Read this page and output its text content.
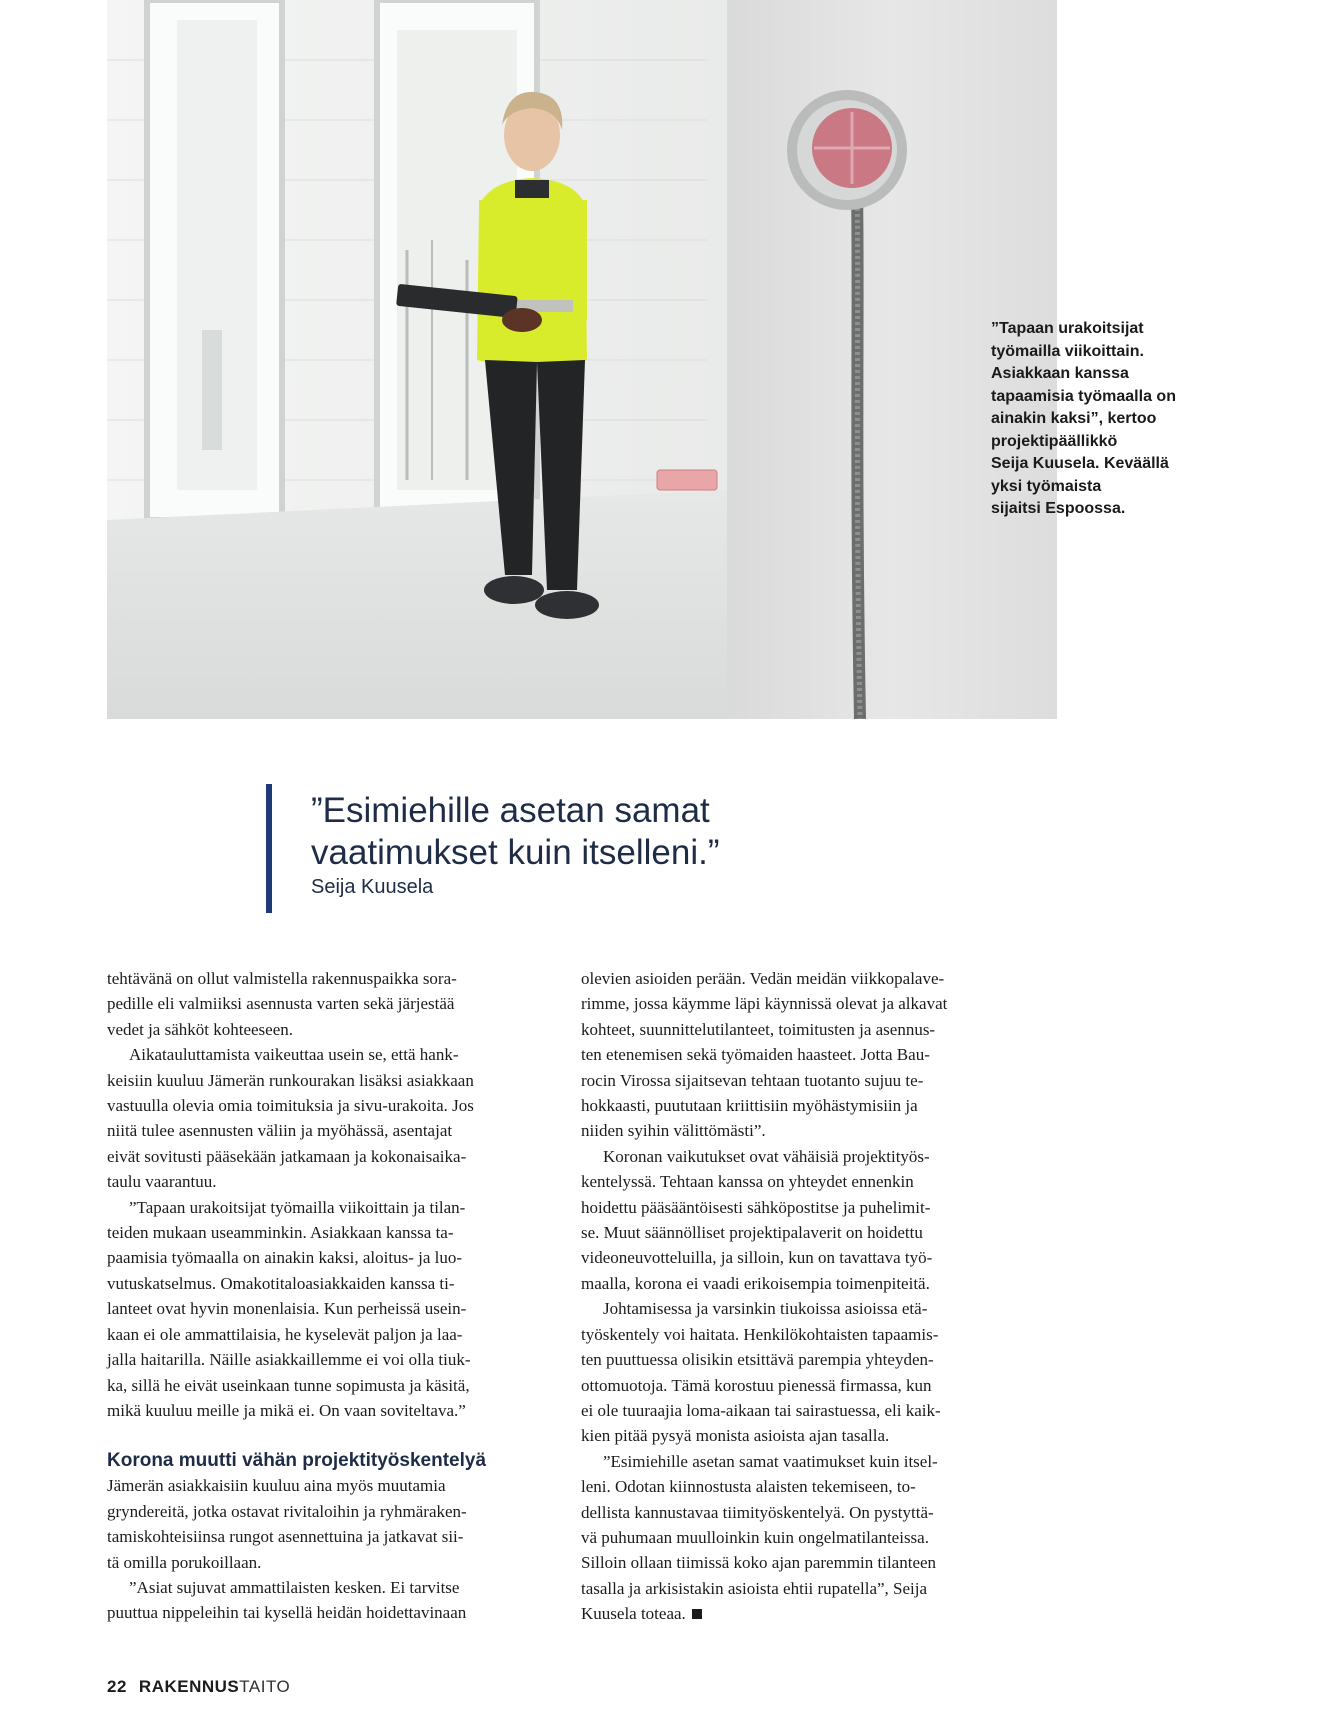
”Tapaan urakoitsijat
työmailla viikoittain.
Asiakkaan kanssa
tapaamisia työmaalla on
ainakin kaksi”, kertoo
projektipäällikkö
Seija Kuusela. Keväällä
yksi työmaista
sijaitsi Espoossa.
”Esimiehille asetan samat
vaatimukset kuin itselleni.”
Seija Kuusela

tehtävänä on ollut valmistella rakennuspaikka sora-
pedille eli valmiiksi asennusta varten sekä järjestää
vedet ja sähköt kohteeseen.

Aikatauluttamista vaikeuttaa usein se, että hank-
keisiin kuuluu Jämerän runkourakan lisäksi asiakkaan
vastuulla olevia omia toimituksia ja sivu-urakoita. Jos
niitä tulee asennusten väliin ja myöhässä, asentajat
eivät sovitusti pääsekään jatkamaan ja kokonaisaika-
taulu vaarantuu.

”Tapaan urakoitsijat työmailla viikoittain ja tilan-
teiden mukaan useamminkin. Asiakkaan kanssa ta-
paamisia työmaalla on ainakin kaksi, aloitus- ja luo-
vutuskatselmus. Omakotitaloasiakkaiden kanssa ti-
lanteet ovat hyvin monenlaisia. Kun perheissä usein-
kaan ei ole ammattilaisia, he kyselevät paljon ja laa-
jalla haitarilla. Näille asiakkaillemme ei voi olla tiuk-
ka, sillä he eivät useinkaan tunne sopimusta ja käsitä,
mikä kuuluu meille ja mikä ei. On vaan soviteltava.”

Korona muutti vähän projektityöskentelyä

Jämerän asiakkaisiin kuuluu aina myös muutamia
gryndereitä, jotka ostavat rivitaloihin ja ryhmäraken-
tamiskohteisiinsa rungot asennettuina ja jatkavat sii-
tä omilla porukoillaan.

”Asiat sujuvat ammattilaisten kesken. Ei tarvitse
puuttua nippeleihin tai kysellä heidän hoidettavinaan

olevien asioiden perään. Vedän meidän viikkopalave-
rimme, jossa käymme läpi käynnissä olevat ja alkavat
kohteet, suunnittelutilanteet, toimitusten ja asennus-
ten etenemisen sekä työmaiden haasteet. Jotta Bau-
rocin Virossa sijaitsevan tehtaan tuotanto sujuu te-
hokkaasti, puututaan kriittisiin myöhästymisiin ja
niiden syihin välittömästi”.

Koronan vaikutukset ovat vähäisiä projektityös-
kentelyssä. Tehtaan kanssa on yhteydet ennenkin
hoidettu pääsääntöisesti sähköpostitse ja puhelimit-
se. Muut säännölliset projektipalaverit on hoidettu
videoneuvotteluilla, ja silloin, kun on tavattava työ-
maalla, korona ei vaadi erikoisempia toimenpiteitä.

Johtamisessa ja varsinkin tiukoissa asioissa etä-
työskentely voi haitata. Henkilökohtaisten tapaamis-
ten puuttuessa olisikin etsittävä parempia yhteyden-
ottomuotoja. Tämä korostuu pienessä firmassa, kun
ei ole tuuraajia loma-aikaan tai sairastuessa, eli kaik-
kien pitää pysyä monista asioista ajan tasalla.

”Esimiehille asetan samat vaatimukset kuin itsel-
leni. Odotan kiinnostusta alaisten tekemiseen, to-
dellista kannustavaa tiimityöskentelyä. On pystyttä-
vä puhumaan muulloinkin kuin ongelmatilanteissa.
Silloin ollaan tiimissä koko ajan paremmin tilanteen
tasalla ja arkisistakin asioista ehtii rupatella”, Seija
Kuusela toteaa.

22 RAKENNUSTAITO
